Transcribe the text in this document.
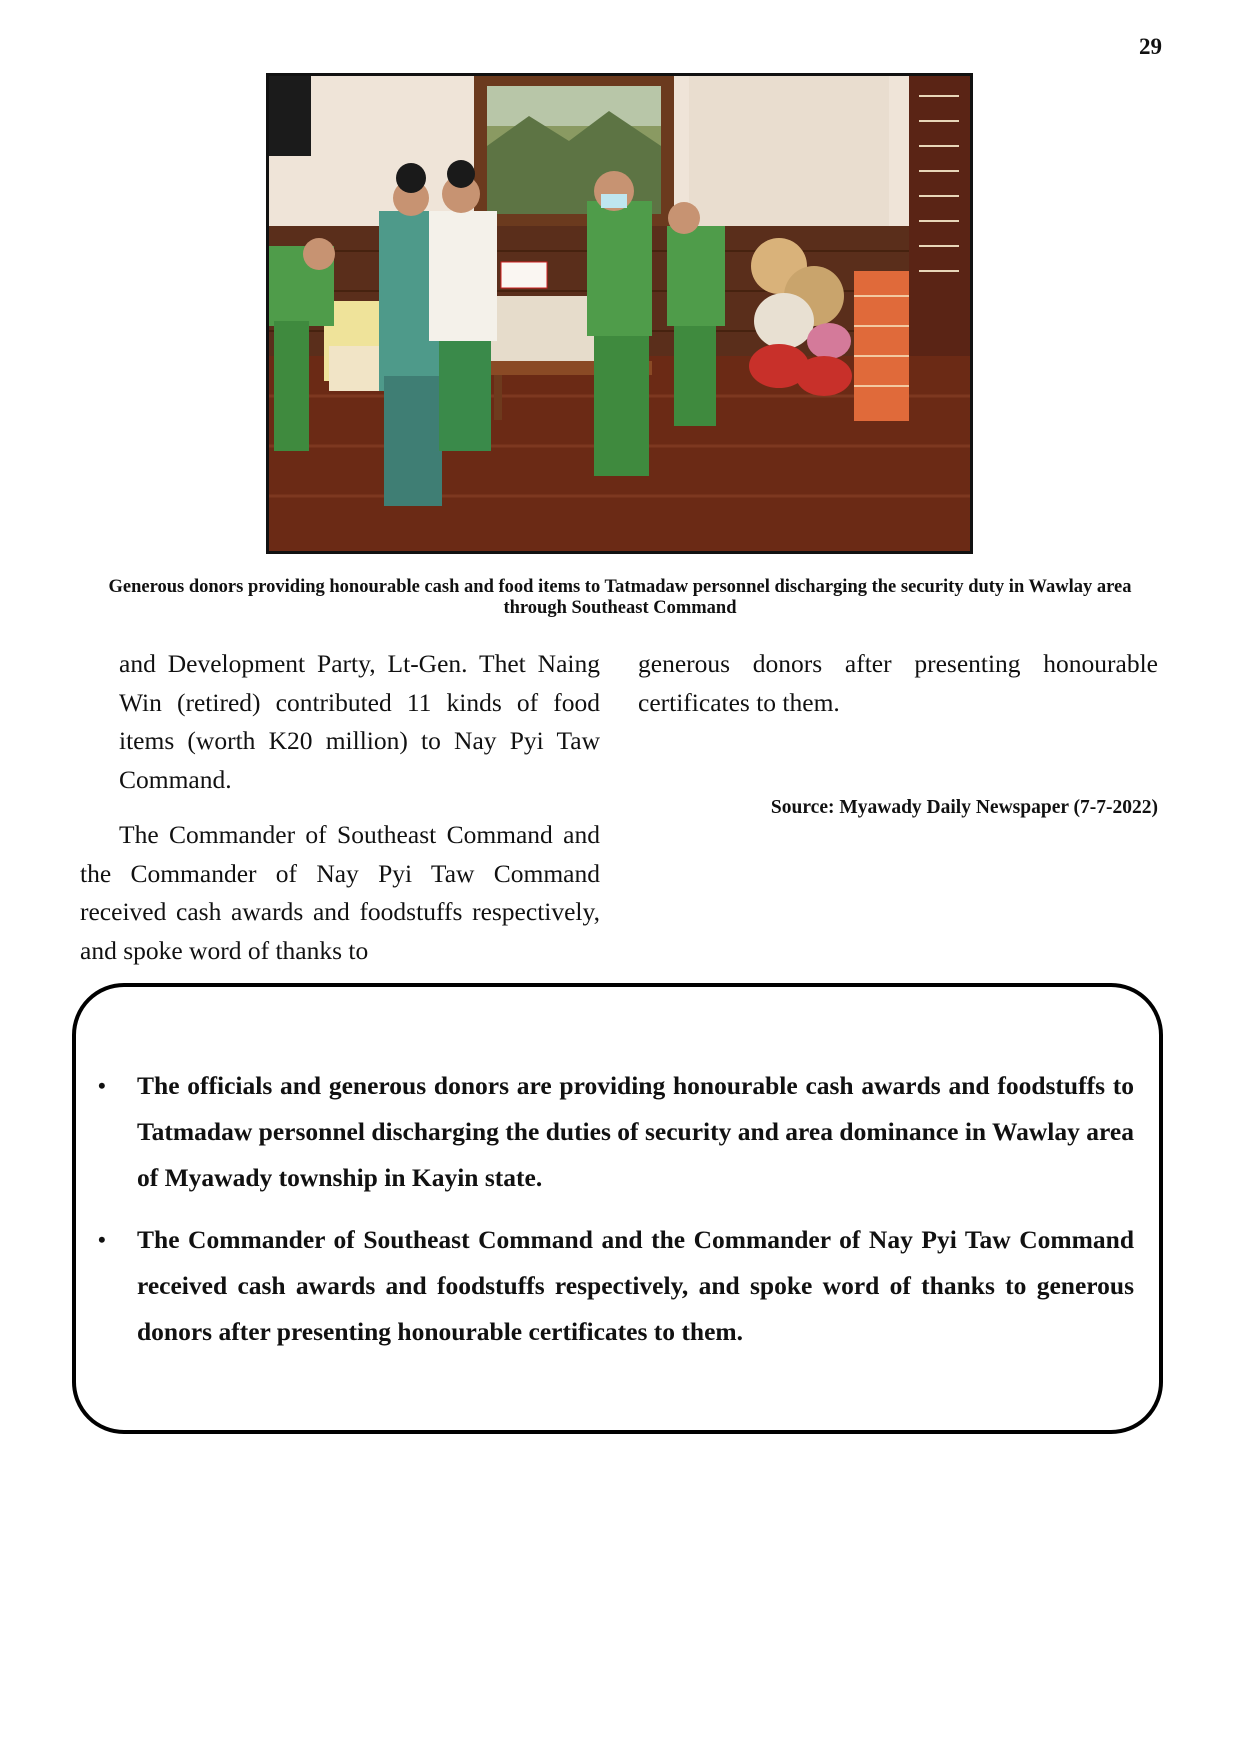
29
Generous donors providing honourable cash and food items to Tatmadaw personnel discharging the security duty in Wawlay area through Southeast Command

and Development Party, Lt-Gen. Thet Naing Win (retired) contributed 11 kinds of food items (worth K20 million) to Nay Pyi Taw Command.

The Commander of Southeast Command and the Commander of Nay Pyi Taw Command received cash awards and foodstuffs respectively, and spoke word of thanks to

generous donors after presenting honourable certificates to them.

Source: Myawady Daily Newspaper (7-7-2022)
• The officials and generous donors are providing honourable cash awards and foodstuffs to Tatmadaw personnel discharging the duties of security and area dominance in Wawlay area of Myawady township in Kayin state.
• The Commander of Southeast Command and the Commander of Nay Pyi Taw Command received cash awards and foodstuffs respectively, and spoke word of thanks to generous donors after presenting honourable certificates to them.
